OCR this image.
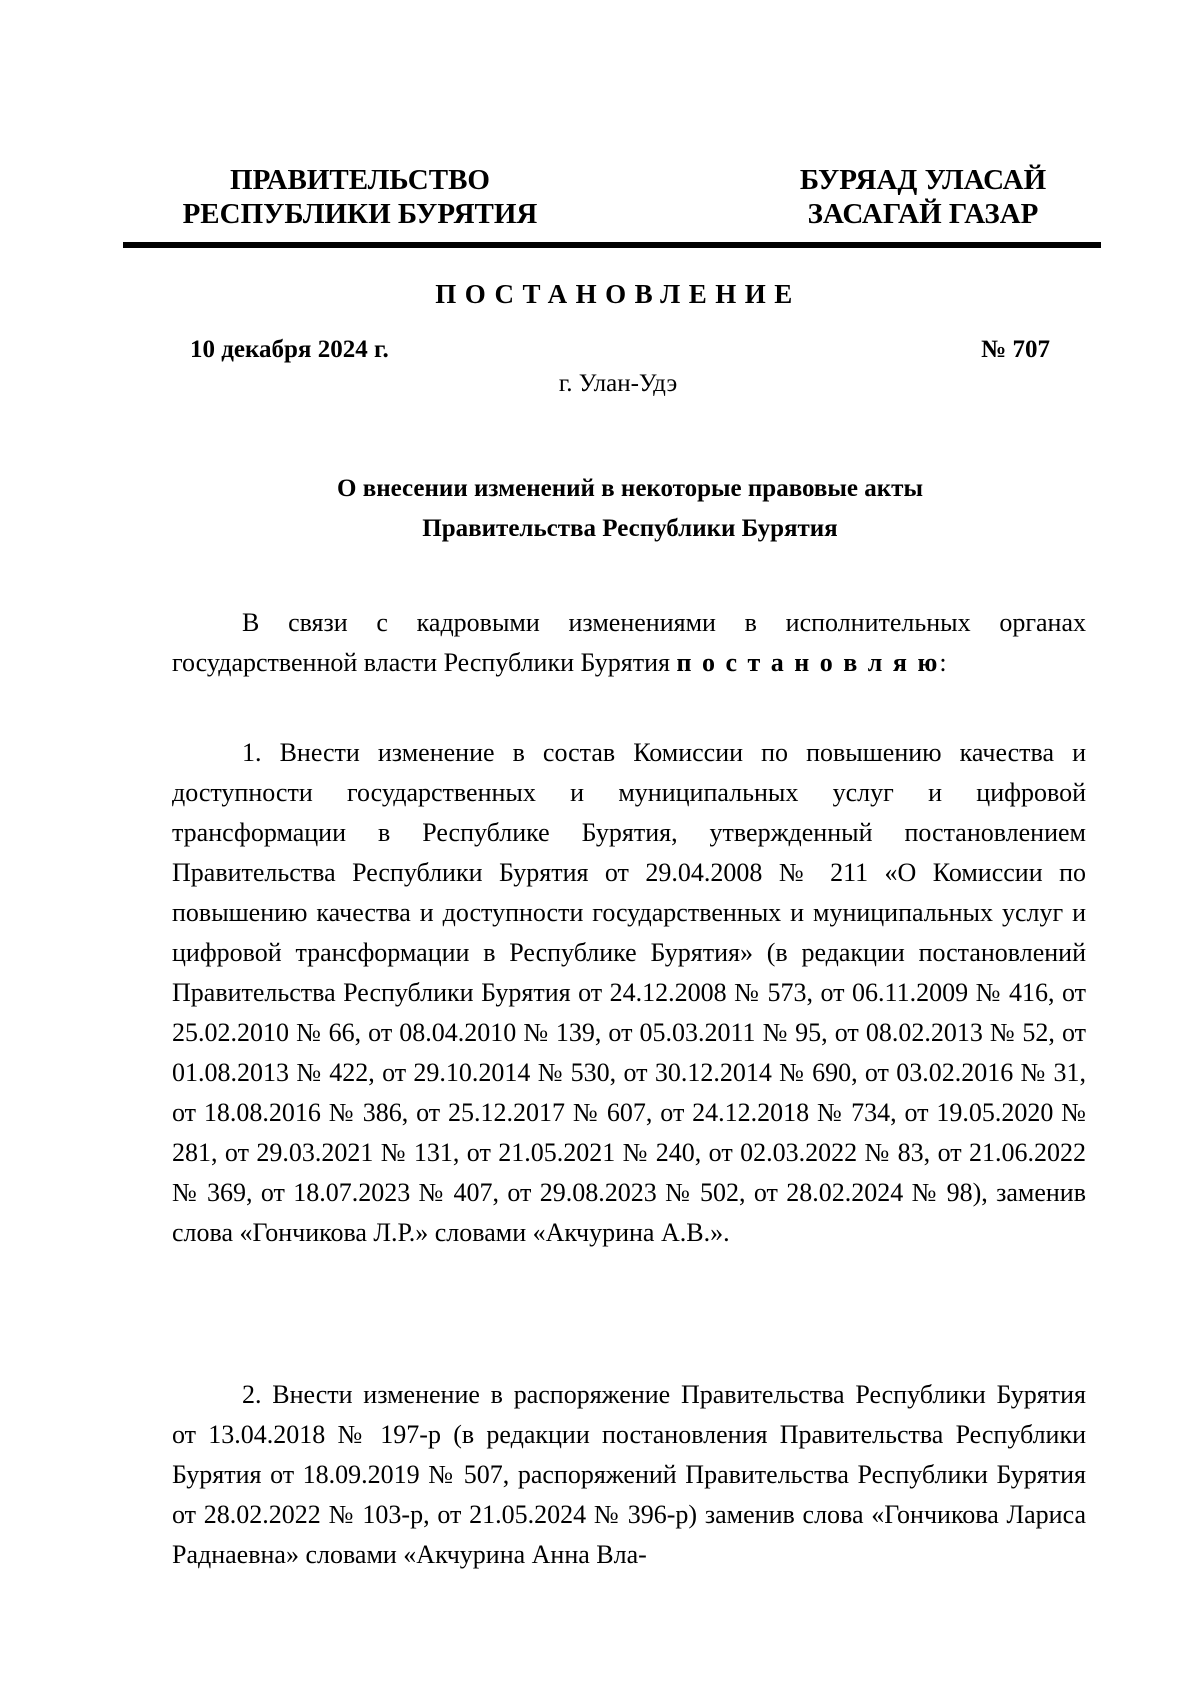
ПРАВИТЕЛЬСТВО
РЕСПУБЛИКИ БУРЯТИЯ
БУРЯАД УЛАСАЙ
ЗАСАГАЙ ГАЗАР
ПОСТАНОВЛЕНИЕ
10 декабря 2024 г.	№ 707
г. Улан-Удэ
О внесении изменений в некоторые правовые акты
Правительства Республики Бурятия

В связи с кадровыми изменениями в исполнительных органах государственной власти Республики Бурятия п о с т а н о в л я ю:

1. Внести изменение в состав Комиссии по повышению качества и доступности государственных и муниципальных услуг и цифровой трансформации в Республике Бурятия, утвержденный постановлением Правительства Республики Бурятия от 29.04.2008 № 211 «О Комиссии по повышению качества и доступности государственных и муниципальных услуг и цифровой трансформации в Республике Бурятия» (в редакции постановлений Правительства Республики Бурятия от 24.12.2008 № 573, от 06.11.2009 № 416, от 25.02.2010 № 66, от 08.04.2010 № 139, от 05.03.2011 № 95, от 08.02.2013 № 52, от 01.08.2013 № 422, от 29.10.2014 № 530, от 30.12.2014 № 690, от 03.02.2016 № 31, от 18.08.2016 № 386, от 25.12.2017 № 607, от 24.12.2018 № 734, от 19.05.2020 № 281, от 29.03.2021 № 131, от 21.05.2021 № 240, от 02.03.2022 № 83, от 21.06.2022 № 369, от 18.07.2023 № 407, от 29.08.2023 № 502, от 28.02.2024 № 98), заменив слова «Гончикова Л.Р.» словами «Акчурина А.В.».

2. Внести изменение в распоряжение Правительства Республики Бурятия от 13.04.2018 № 197-р (в редакции постановления Правительства Республики Бурятия от 18.09.2019 № 507, распоряжений Правительства Республики Бурятия от 28.02.2022 № 103-р, от 21.05.2024 № 396-р) заменив слова «Гончикова Лариса Раднаевна» словами «Акчурина Анна Вла-
